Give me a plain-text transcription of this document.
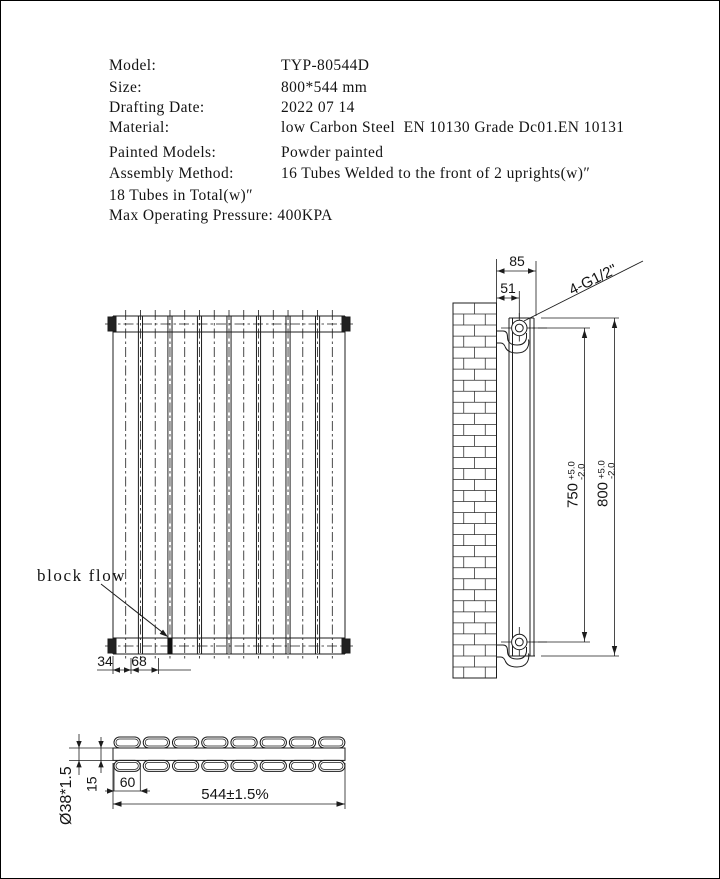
Model:	TYP-80544D
Size:	800*544 mm
Drafting Date:	2022 07 14
Material:	low Carbon Steel  EN 10130 Grade Dc01.EN 10131
Painted Models:	Powder painted
Assembly Method:	16 Tubes Welded to the front of 2 uprights(w)″
18 Tubes in Total(w)″
Max Operating Pressure: 400KPA
block flow
34 68
85
51	4-G1/2"
750
+5.0 -2.0
800
+5.0 -2.0
Ø38*1.5 15 60
544±1.5%
